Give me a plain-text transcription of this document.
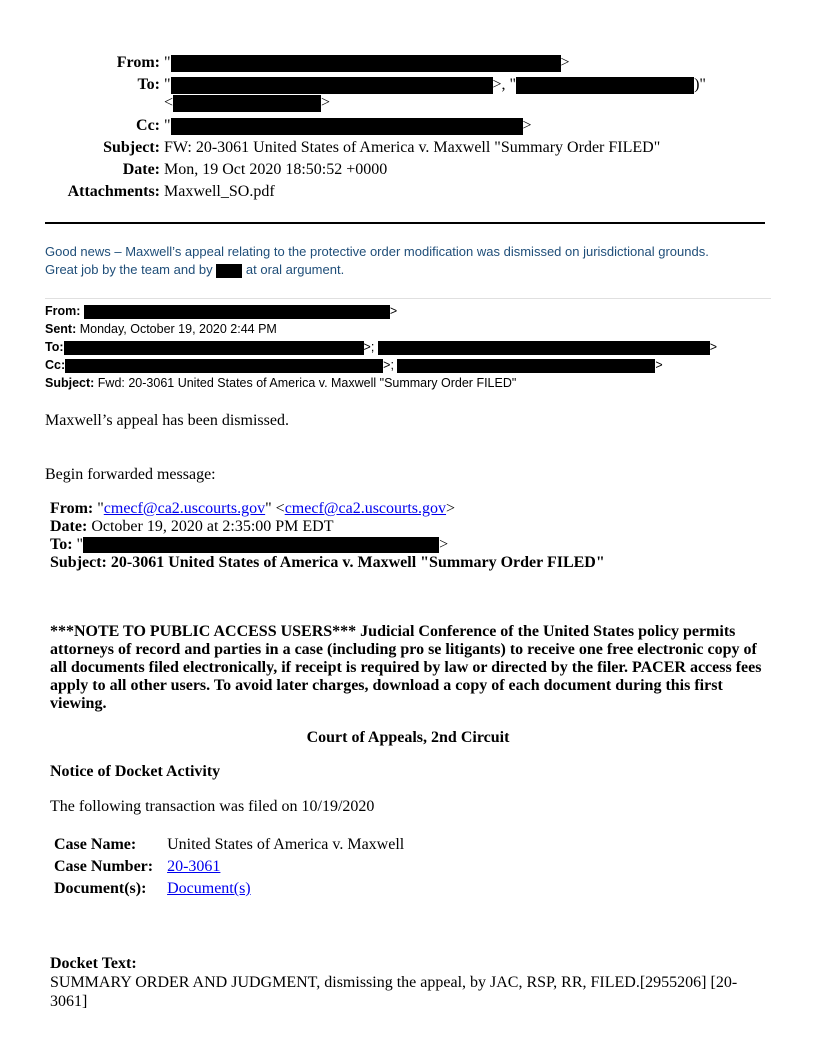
From: "	>
To: "	>, "	)"
<	>
Cc: "	>
Subject: FW: 20-3061 United States of America v. Maxwell "Summary Order FILED"
Date: Mon, 19 Oct 2020 18:50:52 +0000
Attachments: Maxwell_SO.pdf
Good news – Maxwell’s appeal relating to the protective order modification was dismissed on jurisdictional grounds.
Great job by the team and by	at oral argument.
From:	>
Sent: Monday, October 19, 2020 2:44 PM
To:	>;	>
Cc:	>;	>
Subject: Fwd: 20-3061 United States of America v. Maxwell "Summary Order FILED"
Maxwell’s appeal has been dismissed.
Begin forwarded message:
From: "cmecf@ca2.uscourts.gov" <cmecf@ca2.uscourts.gov>
Date: October 19, 2020 at 2:35:00 PM EDT
To: "	>
Subject: 20-3061 United States of America v. Maxwell "Summary Order FILED"
***NOTE TO PUBLIC ACCESS USERS*** Judicial Conference of the United States policy permits attorneys of record and parties in a case (including pro se litigants) to receive one free electronic copy of all documents filed electronically, if receipt is required by law or directed by the filer. PACER access fees apply to all other users. To avoid later charges, download a copy of each document during this first viewing.
Court of Appeals, 2nd Circuit
Notice of Docket Activity
The following transaction was filed on 10/19/2020
Case Name:	United States of America v. Maxwell
Case Number:	20-3061
Document(s):	Document(s)
Docket Text:
SUMMARY ORDER AND JUDGMENT, dismissing the appeal, by JAC, RSP, RR, FILED.[2955206] [20-3061]
